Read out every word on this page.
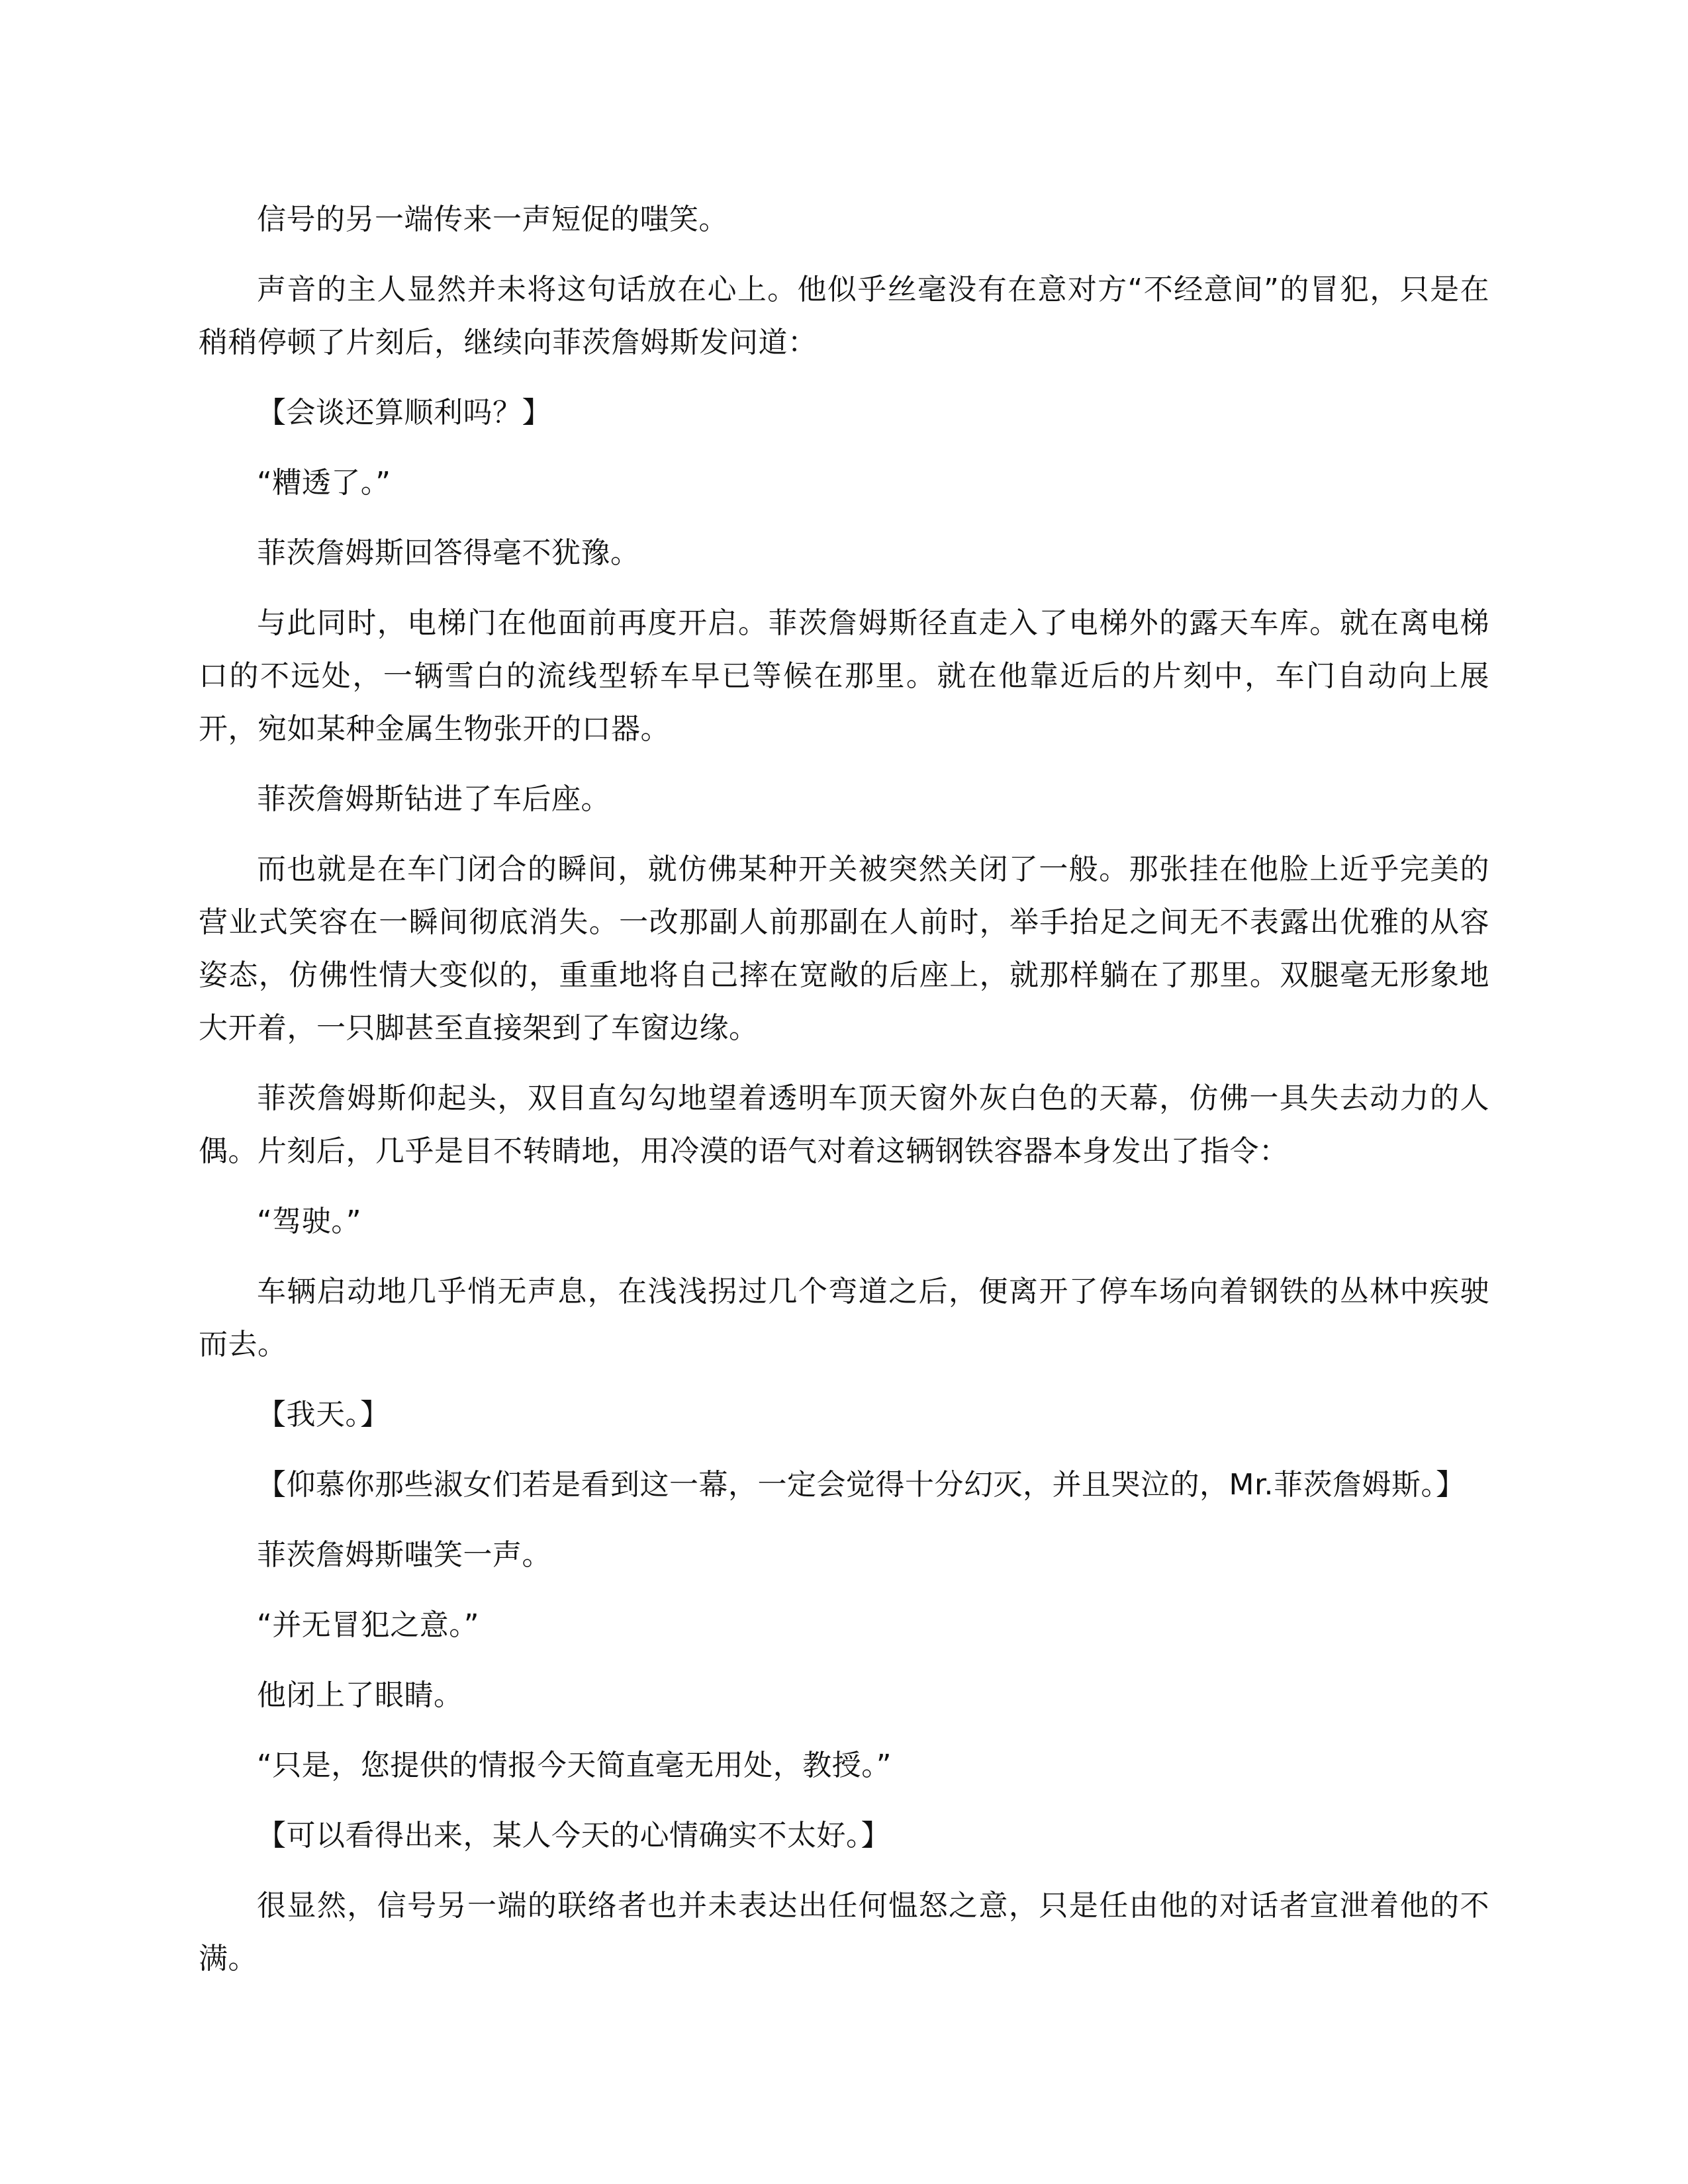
信号的另一端传来一声短促的嗤笑。

声音的主人显然并未将这句话放在心上。他似乎丝毫没有在意对方“不经意间”的冒犯，只是在稍稍停顿了片刻后，继续向菲茨詹姆斯发问道：

【会谈还算顺利吗？】

“糟透了。”

菲茨詹姆斯回答得毫不犹豫。

与此同时，电梯门在他面前再度开启。菲茨詹姆斯径直走入了电梯外的露天车库。就在离电梯口的不远处，一辆雪白的流线型轿车早已等候在那里。就在他靠近后的片刻中，车门自动向上展开，宛如某种金属生物张开的口器。

菲茨詹姆斯钻进了车后座。

而也就是在车门闭合的瞬间，就仿佛某种开关被突然关闭了一般。那张挂在他脸上近乎完美的营业式笑容在一瞬间彻底消失。一改那副人前那副在人前时，举手抬足之间无不表露出优雅的从容姿态，仿佛性情大变似的，重重地将自己摔在宽敞的后座上，就那样躺在了那里。双腿毫无形象地大开着，一只脚甚至直接架到了车窗边缘。

菲茨詹姆斯仰起头，双目直勾勾地望着透明车顶天窗外灰白色的天幕，仿佛一具失去动力的人偶。片刻后，几乎是目不转睛地，用冷漠的语气对着这辆钢铁容器本身发出了指令：

“驾驶。”

车辆启动地几乎悄无声息，在浅浅拐过几个弯道之后，便离开了停车场向着钢铁的丛林中疾驶而去。

【我天。】

【仰慕你那些淑女们若是看到这一幕，一定会觉得十分幻灭，并且哭泣的，Mr.菲茨詹姆斯。】

菲茨詹姆斯嗤笑一声。

“并无冒犯之意。”

他闭上了眼睛。

“只是，您提供的情报今天简直毫无用处，教授。”

【可以看得出来，某人今天的心情确实不太好。】

很显然，信号另一端的联络者也并未表达出任何愠怒之意，只是任由他的对话者宣泄着他的不满。
